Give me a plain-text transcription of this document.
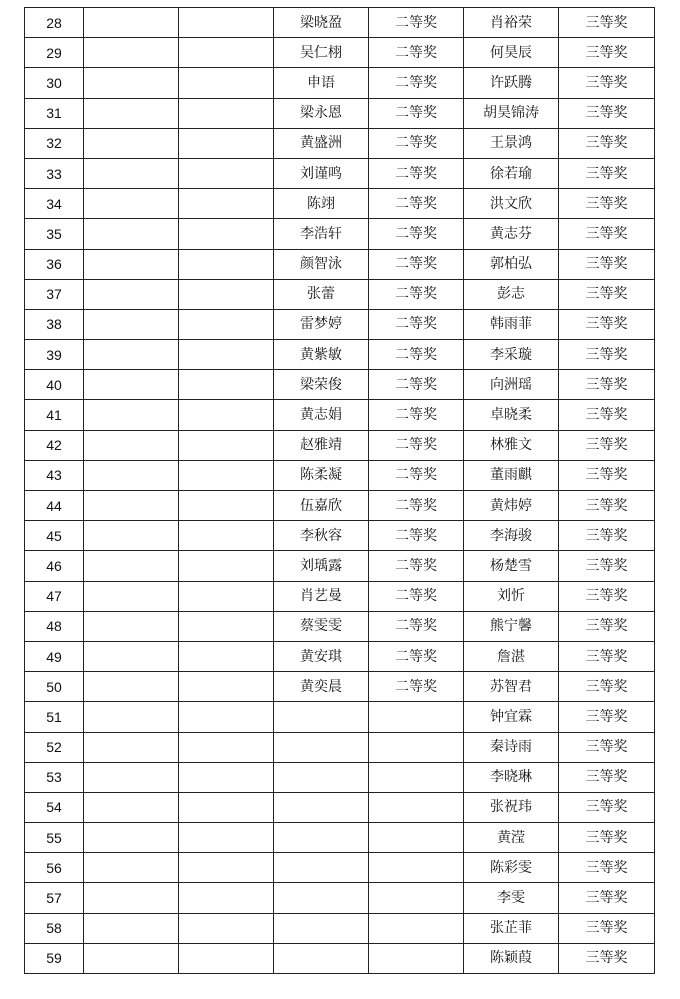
28			梁晓盈	二等奖	肖裕荣	三等奖
29			吴仁栩	二等奖	何昊辰	三等奖
30			申语	二等奖	许跃腾	三等奖
31			梁永恩	二等奖	胡昊锦涛	三等奖
32			黄盛洲	二等奖	王景鸿	三等奖
33			刘谨鸣	二等奖	徐若瑜	三等奖
34			陈翊	二等奖	洪文欣	三等奖
35			李浩轩	二等奖	黄志芬	三等奖
36			颜智泳	二等奖	郭柏弘	三等奖
37			张蕾	二等奖	彭志	三等奖
38			雷梦婷	二等奖	韩雨菲	三等奖
39			黄紫敏	二等奖	李采璇	三等奖
40			梁荣俊	二等奖	向洲瑶	三等奖
41			黄志娟	二等奖	卓晓柔	三等奖
42			赵雅靖	二等奖	林雅文	三等奖
43			陈柔凝	二等奖	董雨麒	三等奖
44			伍嘉欣	二等奖	黄炜婷	三等奖
45			李秋容	二等奖	李海骏	三等奖
46			刘瑀露	二等奖	杨楚雪	三等奖
47			肖艺曼	二等奖	刘忻	三等奖
48			蔡雯雯	二等奖	熊宁馨	三等奖
49			黄安琪	二等奖	詹湛	三等奖
50			黄奕晨	二等奖	苏智君	三等奖
51					钟宜霖	三等奖
52					秦诗雨	三等奖
53					李晓琳	三等奖
54					张祝玮	三等奖
55					黄滢	三等奖
56					陈彩雯	三等奖
57					李雯	三等奖
58					张芷菲	三等奖
59					陈颖葭	三等奖
